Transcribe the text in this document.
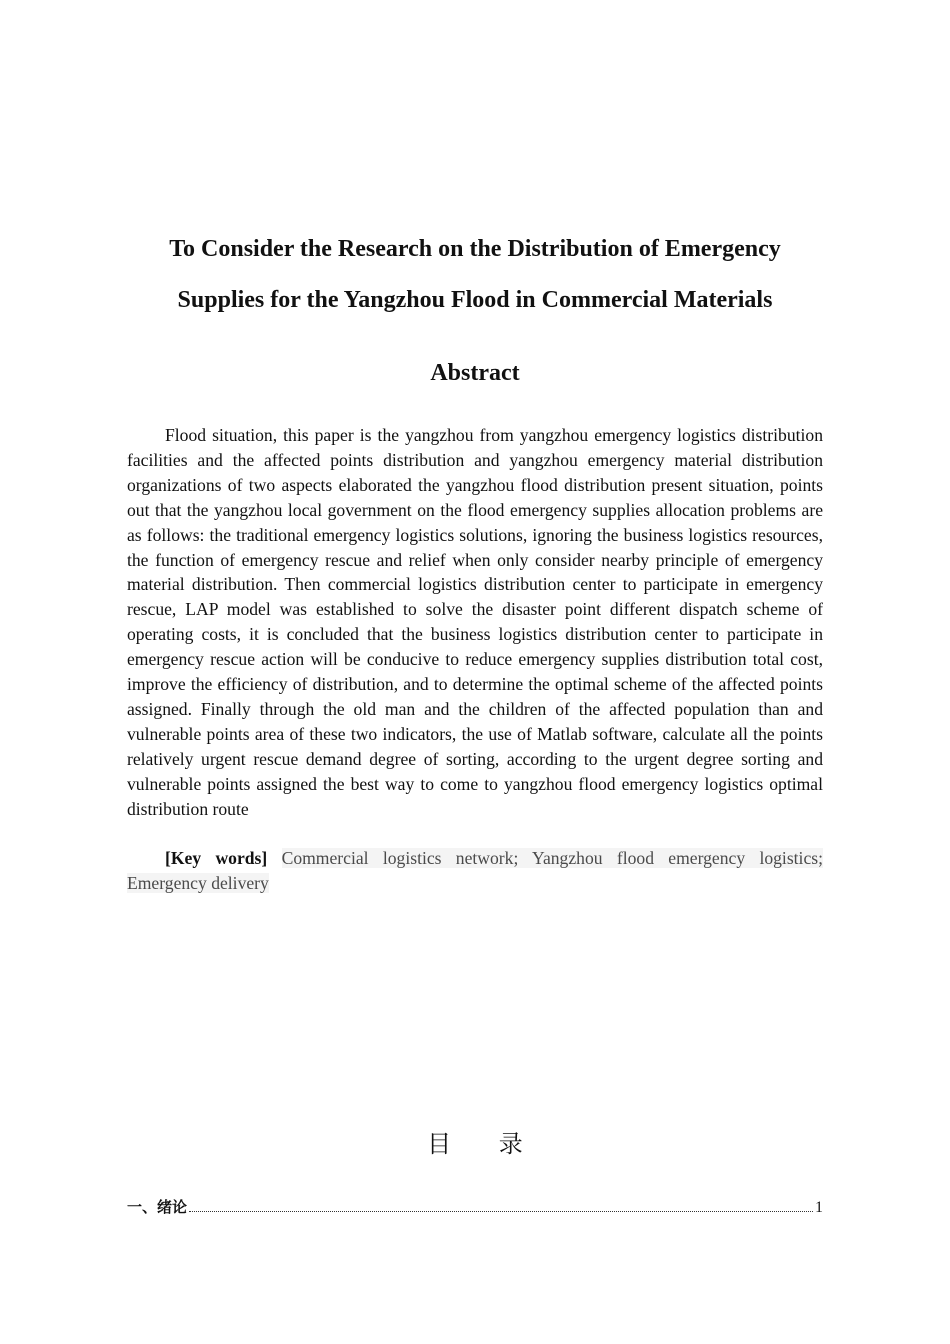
To Consider the Research on the Distribution of Emergency
Supplies for the Yangzhou Flood in Commercial Materials
Abstract

Flood situation, this paper is the yangzhou from yangzhou emergency logistics distribution facilities and the affected points distribution and yangzhou emergency material distribution organizations of two aspects elaborated the yangzhou flood distribution present situation, points out that the yangzhou local government on the flood emergency supplies allocation problems are as follows: the traditional emergency logistics solutions, ignoring the business logistics resources, the function of emergency rescue and relief when only consider nearby principle of emergency material distribution. Then commercial logistics distribution center to participate in emergency rescue, LAP model was established to solve the disaster point different dispatch scheme of operating costs, it is concluded that the business logistics distribution center to participate in emergency rescue action will be conducive to reduce emergency supplies distribution total cost, improve the efficiency of distribution, and to determine the optimal scheme of the affected points assigned. Finally through the old man and the children of the affected population than and vulnerable points area of these two indicators, the use of Matlab software, calculate all the points relatively urgent rescue demand degree of sorting, according to the urgent degree sorting and vulnerable points assigned the best way to come to yangzhou flood emergency logistics optimal distribution route

[Key words] Commercial logistics network; Yangzhou flood emergency logistics; Emergency delivery

目 录
一、绪论	1
